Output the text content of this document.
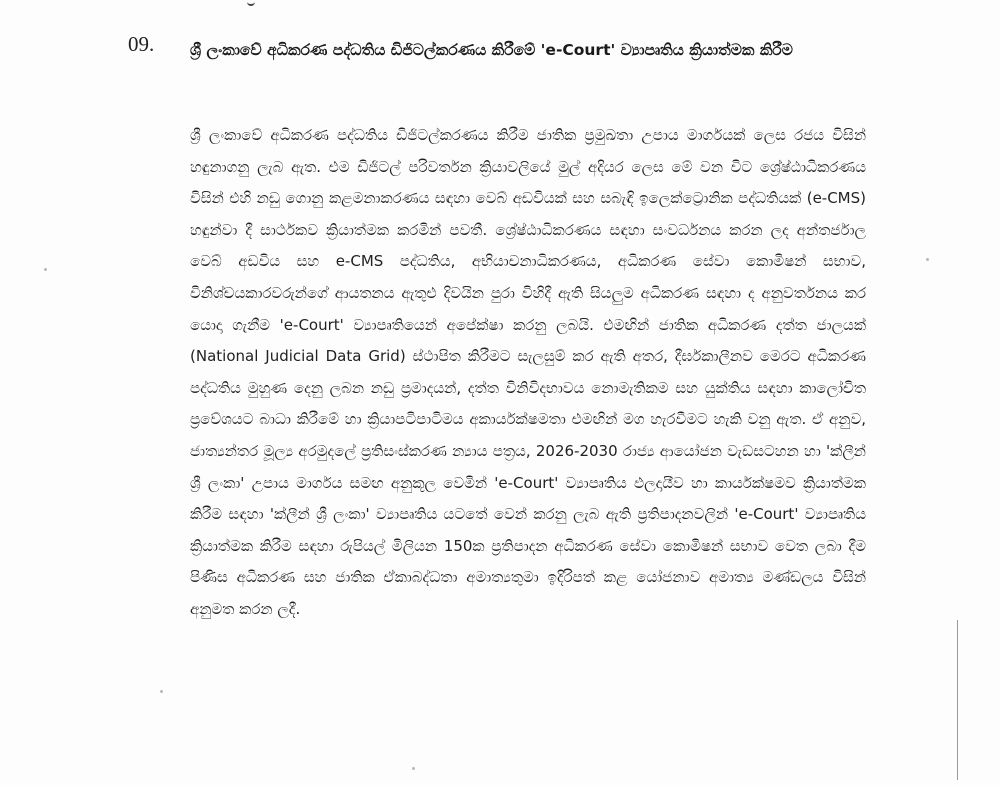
09. ශ්‍රී ලංකාවේ අධිකරණ පද්ධතිය ඩිජිටල්කරණය කිරීමේ 'e-Court' ව්‍යාපෘතිය ක්‍රියාත්මක කිරීම

ශ්‍රී ලංකාවේ අධිකරණ පද්ධතිය ඩිජිටල්කරණය කිරීම ජාතික ප්‍රමුඛතා උපාය මාර්ගයක් ලෙස රජය විසින් හඳුනාගනු ලැබ ඇත. එම ඩිජිටල් පරිවර්තන ක්‍රියාවලියේ මුල් අදියර ලෙස මේ වන විට ශ්‍රේෂ්ඨාධිකරණය විසින් එහි නඩු ගොනු කළමනාකරණය සඳහා වෙබ් අඩවියක් සහ සබැඳි ඉලෙක්ට්‍රොනික පද්ධතියක් (e-CMS) හඳුන්වා දී සාර්ථකව ක්‍රියාත්මක කරමින් පවතී. ශ්‍රේෂ්ඨාධිකරණය සඳහා සංවර්ධනය කරන ලද අන්තර්ජාල වෙබ් අඩවිය සහ e-CMS පද්ධතිය, අභියාචනාධිකරණය, අධිකරණ සේවා කොමිෂන් සභාව, විනිශ්චයකාරවරුන්ගේ ආයතනය ඇතුළු දිවයින පුරා විහිදී ඇති සියලුම අධිකරණ සඳහා ද අනුවර්තනය කර යොදා ගැනීම 'e-Court' ව්‍යාපෘතියෙන් අපේක්ෂා කරනු ලබයි. එමඟින් ජාතික අධිකරණ දත්ත ජාලයක් (National Judicial Data Grid) ස්ථාපිත කිරීමට සැලසුම් කර ඇති අතර, දීර්ඝකාලීනව මෙරට අධිකරණ පද්ධතිය මුහුණ දෙනු ලබන නඩු ප්‍රමාදයන්, දත්ත විනිවිදභාවය නොමැතිකම සහ යුක්තිය සඳහා කාලෝචිත ප්‍රවේශයට බාධා කිරීමේ හා ක්‍රියාපටිපාටිමය අකාර්යක්ෂමතා එමඟින් මග හැරවීමට හැකි වනු ඇත. ඒ අනුව, ජාත්‍යන්තර මූල්‍ය අරමුදලේ ප්‍රතිසංස්කරණ න්‍යාය පත්‍රය, 2026-2030 රාජ්‍ය ආයෝජන වැඩසටහන හා 'ක්ලීන් ශ්‍රී ලංකා' උපාය මාර්ගය සමඟ අනුකූල වෙමින් 'e-Court' ව්‍යාපෘතිය ඵලදායීව හා කාර්යක්ෂමව ක්‍රියාත්මක කිරීම සඳහා 'ක්ලීන් ශ්‍රී ලංකා' ව්‍යාපෘතිය යටතේ වෙන් කරනු ලැබ ඇති ප්‍රතිපාදනවලින් 'e-Court' ව්‍යාපෘතිය ක්‍රියාත්මක කිරීම සඳහා රුපියල් මිලියන 150ක ප්‍රතිපාදන අධිකරණ සේවා කොමිෂන් සභාව වෙත ලබා දීම පිණිස අධිකරණ සහ ජාතික ඒකාබද්ධතා අමාත්‍යතුමා ඉදිරිපත් කළ යෝජනාව අමාත්‍ය මණ්ඩලය විසින් අනුමත කරන ලදී.
